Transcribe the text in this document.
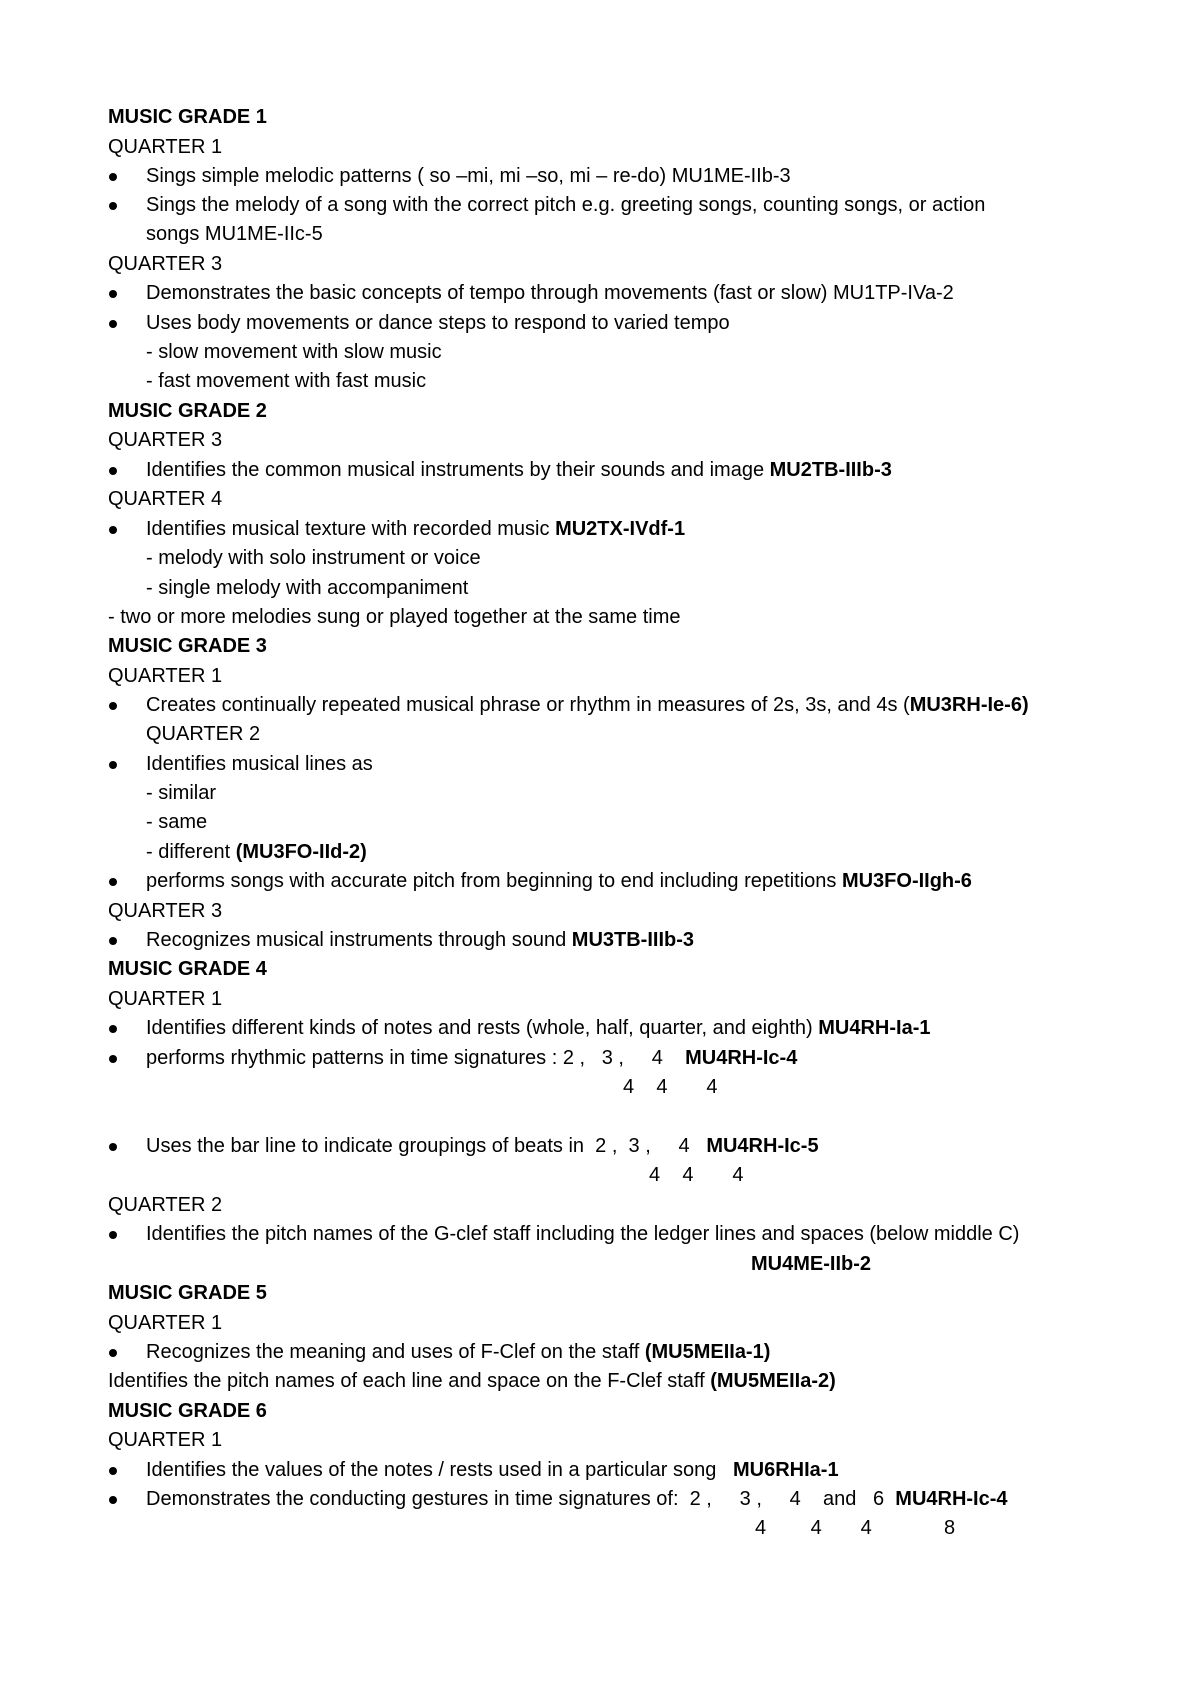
MUSIC GRADE 1
QUARTER 1
Sings simple melodic patterns ( so –mi, mi –so, mi – re-do) MU1ME-IIb-3
Sings the melody of a song with the correct pitch e.g. greeting songs, counting songs, or action
songs MU1ME-IIc-5
QUARTER 3
Demonstrates the basic concepts of tempo through movements (fast or slow) MU1TP-IVa-2
Uses body movements or dance steps to respond to varied tempo
- slow movement with slow music
- fast movement with fast music
MUSIC GRADE 2
QUARTER 3
Identifies the common musical instruments by their sounds and image MU2TB-IIIb-3
QUARTER 4
Identifies musical texture with recorded music MU2TX-IVdf-1
- melody with solo instrument or voice
- single melody with accompaniment
- two or more melodies sung or played together at the same time
MUSIC GRADE 3
QUARTER 1
Creates continually repeated musical phrase or rhythm in measures of 2s, 3s, and 4s (MU3RH-Ie-6)
QUARTER 2
Identifies musical lines as
- similar
- same
- different (MU3FO-IId-2)
performs songs with accurate pitch from beginning to end including repetitions MU3FO-IIgh-6
QUARTER 3
Recognizes musical instruments through sound MU3TB-IIIb-3
MUSIC GRADE 4
QUARTER 1
Identifies different kinds of notes and rests (whole, half, quarter, and eighth) MU4RH-Ia-1
performs rhythmic patterns in time signatures : 2 ,   3 ,     4    MU4RH-Ic-4
4    4       4
Uses the bar line to indicate groupings of beats in  2 ,  3 ,     4   MU4RH-Ic-5
4    4       4
QUARTER 2
Identifies the pitch names of the G-clef staff including the ledger lines and spaces (below middle C)
MU4ME-IIb-2
MUSIC GRADE 5
QUARTER 1
Recognizes the meaning and uses of F-Clef on the staff (MU5MEIIa-1)
Identifies the pitch names of each line and space on the F-Clef staff (MU5MEIIa-2)
MUSIC GRADE 6
QUARTER 1
Identifies the values of the notes / rests used in a particular song   MU6RHIa-1
Demonstrates the conducting gestures in time signatures of:  2 ,     3 ,     4    and   6  MU4RH-Ic-4
4        4       4             8
